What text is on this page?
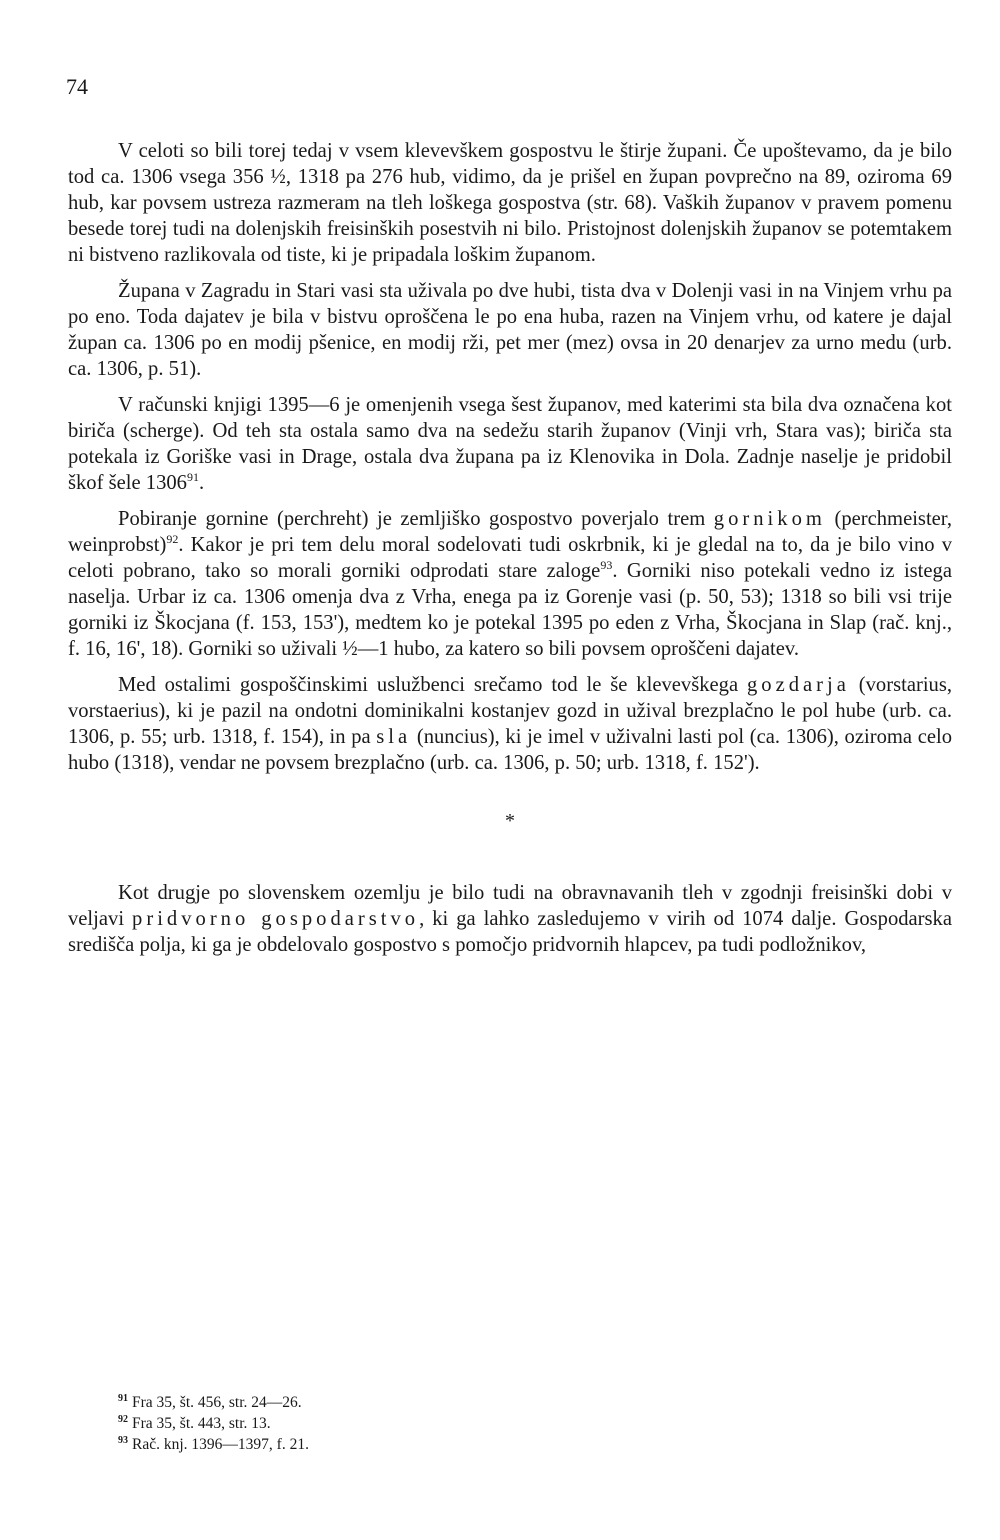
74

V celoti so bili torej tedaj v vsem klevevškem gospostvu le štirje župani. Če upoštevamo, da je bilo tod ca. 1306 vsega 356 ½, 1318 pa 276 hub, vidimo, da je prišel en župan povprečno na 89, oziroma 69 hub, kar povsem ustreza razmeram na tleh loškega gospostva (str. 68). Vaških županov v pravem pomenu besede torej tudi na dolenjskih freisinških posestvih ni bilo. Pristojnost dolenjskih županov se potemtakem ni bistveno razlikovala od tiste, ki je pripadala loškim županom.

Župana v Zagradu in Stari vasi sta uživala po dve hubi, tista dva v Dolenji vasi in na Vinjem vrhu pa po eno. Toda dajatev je bila v bistvu oproščena le po ena huba, razen na Vinjem vrhu, od katere je dajal župan ca. 1306 po en modij pšenice, en modij rži, pet mer (mez) ovsa in 20 denarjev za urno medu (urb. ca. 1306, p. 51).

V računski knjigi 1395—6 je omenjenih vsega šest županov, med katerimi sta bila dva označena kot biriča (scherge). Od teh sta ostala samo dva na sedežu starih županov (Vinji vrh, Stara vas); biriča sta potekala iz Goriške vasi in Drage, ostala dva župana pa iz Klenovika in Dola. Zadnje naselje je pridobil škof šele 1306$^{91}$.

Pobiranje gornine (perchreht) je zemljiško gospostvo poverjalo trem gornikom (perchmeister, weinprobst)$^{92}$. Kakor je pri tem delu moral sodelovati tudi oskrbnik, ki je gledal na to, da je bilo vino v celoti pobrano, tako so morali gorniki odprodati stare zaloge$^{93}$. Gorniki niso potekali vedno iz istega naselja. Urbar iz ca. 1306 omenja dva z Vrha, enega pa iz Gorenje vasi (p. 50, 53); 1318 so bili vsi trije gorniki iz Škocjana (f. 153, 153'), medtem ko je potekal 1395 po eden z Vrha, Škocjana in Slap (rač. knj., f. 16, 16', 18). Gorniki so uživali ½—1 hubo, za katero so bili povsem oproščeni dajatev.

Med ostalimi gospoščinskimi uslužbenci srečamo tod le še klevevškega gozdarja (vorstarius, vorstaerius), ki je pazil na ondotni dominikalni kostanjev gozd in užival brezplačno le pol hube (urb. ca. 1306, p. 55; urb. 1318, f. 154), in pa sla (nuncius), ki je imel v uživalni lasti pol (ca. 1306), oziroma celo hubo (1318), vendar ne povsem brezplačno (urb. ca. 1306, p. 50; urb. 1318, f. 152').

*

Kot drugje po slovenskem ozemlju je bilo tudi na obravnavanih tleh v zgodnji freisinški dobi v veljavi pridvorno gospodarstvo, ki ga lahko zasledujemo v virih od 1074 dalje. Gospodarska središča polja, ki ga je obdelovalo gospostvo s pomočjo pridvornih hlapcev, pa tudi podložnikov,

$^{91}$ Fra 35, št. 456, str. 24—26.

$^{92}$ Fra 35, št. 443, str. 13.

$^{93}$ Rač. knj. 1396—1397, f. 21.
